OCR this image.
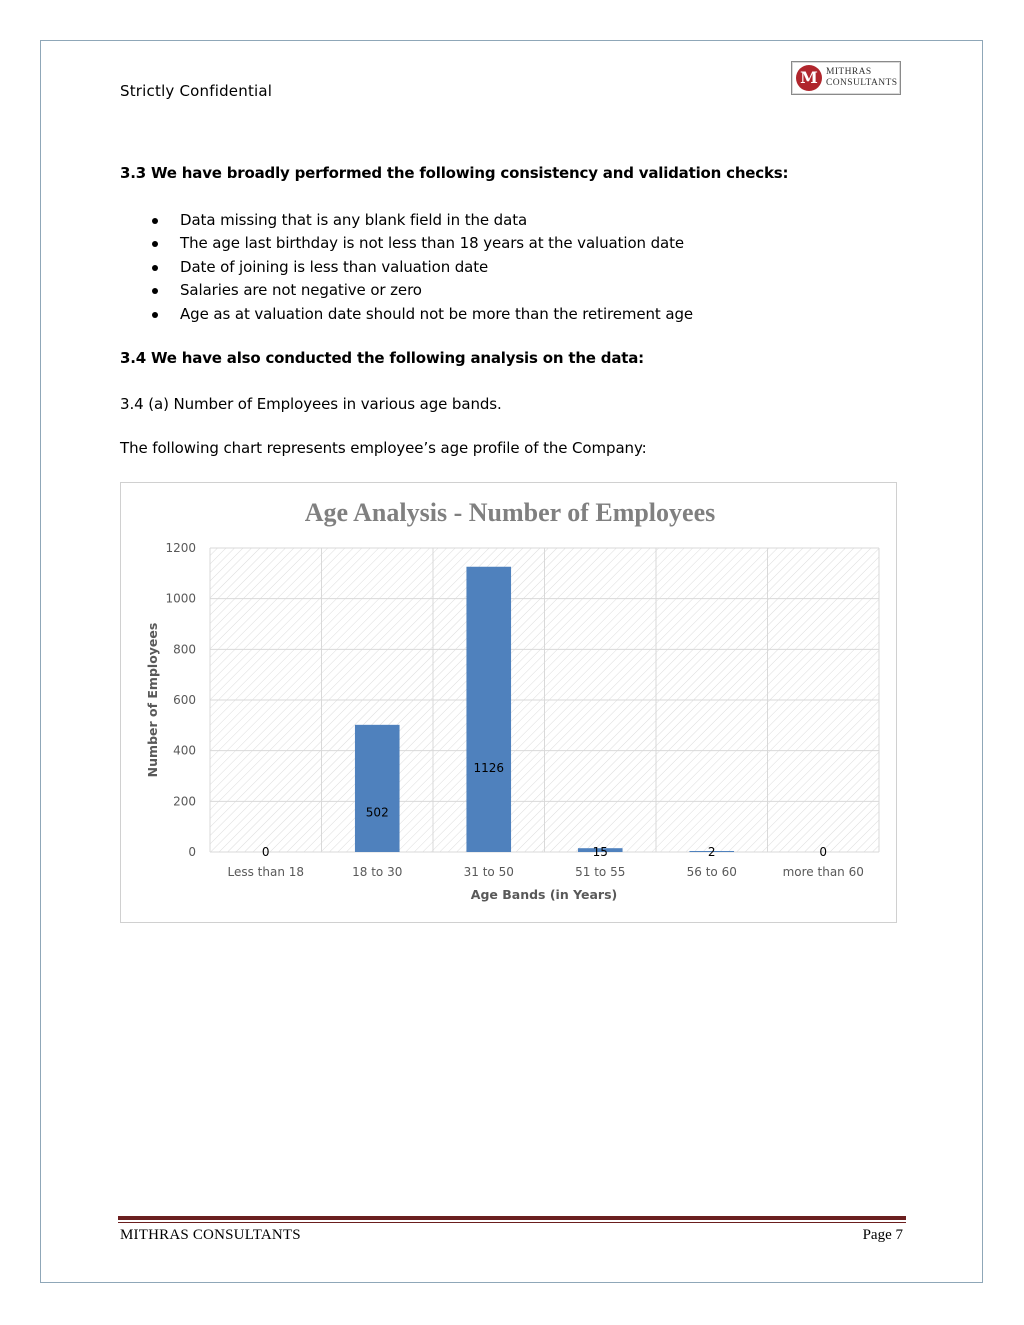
Strictly Confidential
M MITHRAS
CONSULTANTS
3.3 We have broadly performed the following consistency and validation checks:
Data missing that is any blank field in the data
The age last birthday is not less than 18 years at the valuation date
Date of joining is less than valuation date
Salaries are not negative or zero
Age as at valuation date should not be more than the retirement age
3.4 We have also conducted the following analysis on the data:
3.4 (a) Number of Employees in various age bands.
The following chart represents employee’s age profile of the Company:
Age Analysis - Number of Employees
0
200
400
600
800
1000
1200
0
502
1126
15	2	0
Less than 18	18 to 30	31 to 50	51 to 55	56 to 60	more than 60
Age Bands (in Years)
Number of Employees
MITHRAS CONSULTANTS	Page 7
